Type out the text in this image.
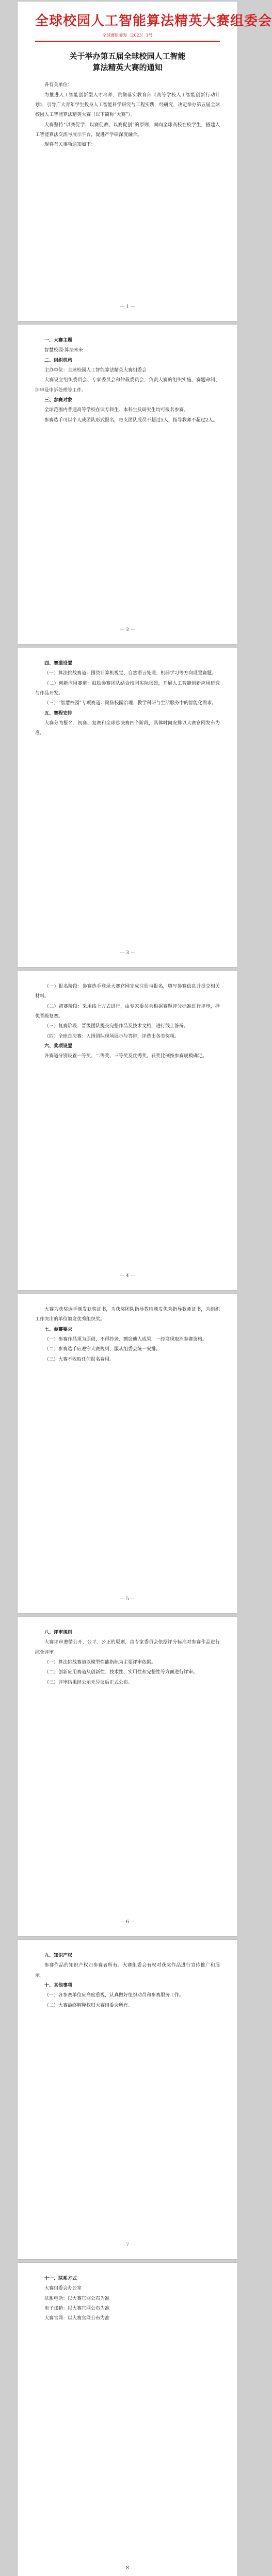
全球校园人工智能算法精英大赛组委会
全球赛组委发〔2023〕1号
关于举办第五届全球校园人工智能
算法精英大赛的通知

各有关单位：

为推进人工智能创新型人才培养，贯彻落实教育部《高等学校人工智能创新行动计划》，引导广大青年学生投身人工智能科学研究与工程实践，经研究，决定举办第五届全球校园人工智能算法精英大赛（以下简称“大赛”）。

大赛坚持“以赛促学、以赛促教、以赛促创”的原则，面向全球高校在校学生，搭建人工智能算法交流与展示平台，促进产学研深度融合。

现将有关事项通知如下：

— 1 —

一、大赛主题

智慧校园·算法未来

二、组织机构

主办单位：全球校园人工智能算法精英大赛组委会

大赛设立组织委员会、专家委员会和仲裁委员会，负责大赛的组织实施、赛题命制、评审及申诉处理等工作。

三、参赛对象

全球范围内普通高等学校在读专科生、本科生及研究生均可报名参赛。

参赛选手可以个人或团队形式报名，每支团队成员不超过5人，指导教师不超过2人。

— 2 —

四、赛道设置

（一）算法挑战赛道：围绕计算机视觉、自然语言处理、机器学习等方向设置赛题。

（二）创新应用赛道：鼓励参赛团队结合校园实际场景，开展人工智能创新应用研究与作品开发。

（三）“智慧校园”专项赛道：聚焦校园治理、教学科研与生活服务中的智能化需求。

五、赛程安排

大赛分为报名、初赛、复赛和全球总决赛四个阶段，具体时间安排以大赛官网发布为准。

— 3 —

（一）报名阶段：参赛选手登录大赛官网完成注册与报名，填写参赛信息并提交相关材料。

（二）初赛阶段：采用线上方式进行，由专家委员会根据赛题评分标准进行评审，择优晋级复赛。

（三）复赛阶段：晋级团队提交完整作品及技术文档，进行线上答辩。

（四）全球总决赛：入围团队现场展示与答辩，评选出各类奖项。

六、奖项设置

各赛道分别设置一等奖、二等奖、三等奖及优秀奖，获奖比例按参赛规模确定。

— 4 —

大赛为获奖选手颁发获奖证书，为获奖团队指导教师颁发优秀指导教师证书，为组织工作突出的单位颁发优秀组织奖。

七、参赛要求

（一）参赛作品须为原创，不得抄袭、剽窃他人成果，一经发现取消参赛资格。

（二）参赛选手应遵守大赛规则，服从组委会统一安排。

（三）大赛不收取任何报名费用。

— 5 —

八、评审规则

大赛评审遵循公开、公平、公正的原则，由专家委员会依据评分标准对参赛作品进行综合评审。

（一）算法挑战赛道以模型性能指标为主要评审依据。

（二）创新应用赛道从创新性、技术性、实用性和完整性等方面进行评审。

（三）评审结果经公示无异议后正式公布。

— 6 —

九、知识产权

参赛作品的知识产权归参赛者所有。大赛组委会有权对获奖作品进行宣传推广和展示。

十、其他事项

（一）各参赛单位应高度重视，认真做好组织动员和参赛服务工作。

（二）大赛最终解释权归大赛组委会所有。

— 7 —

十一、联系方式

大赛组委会办公室

联系电话：以大赛官网公布为准

电子邮箱：以大赛官网公布为准

大赛官网：以大赛官网公布为准

— 8 —
